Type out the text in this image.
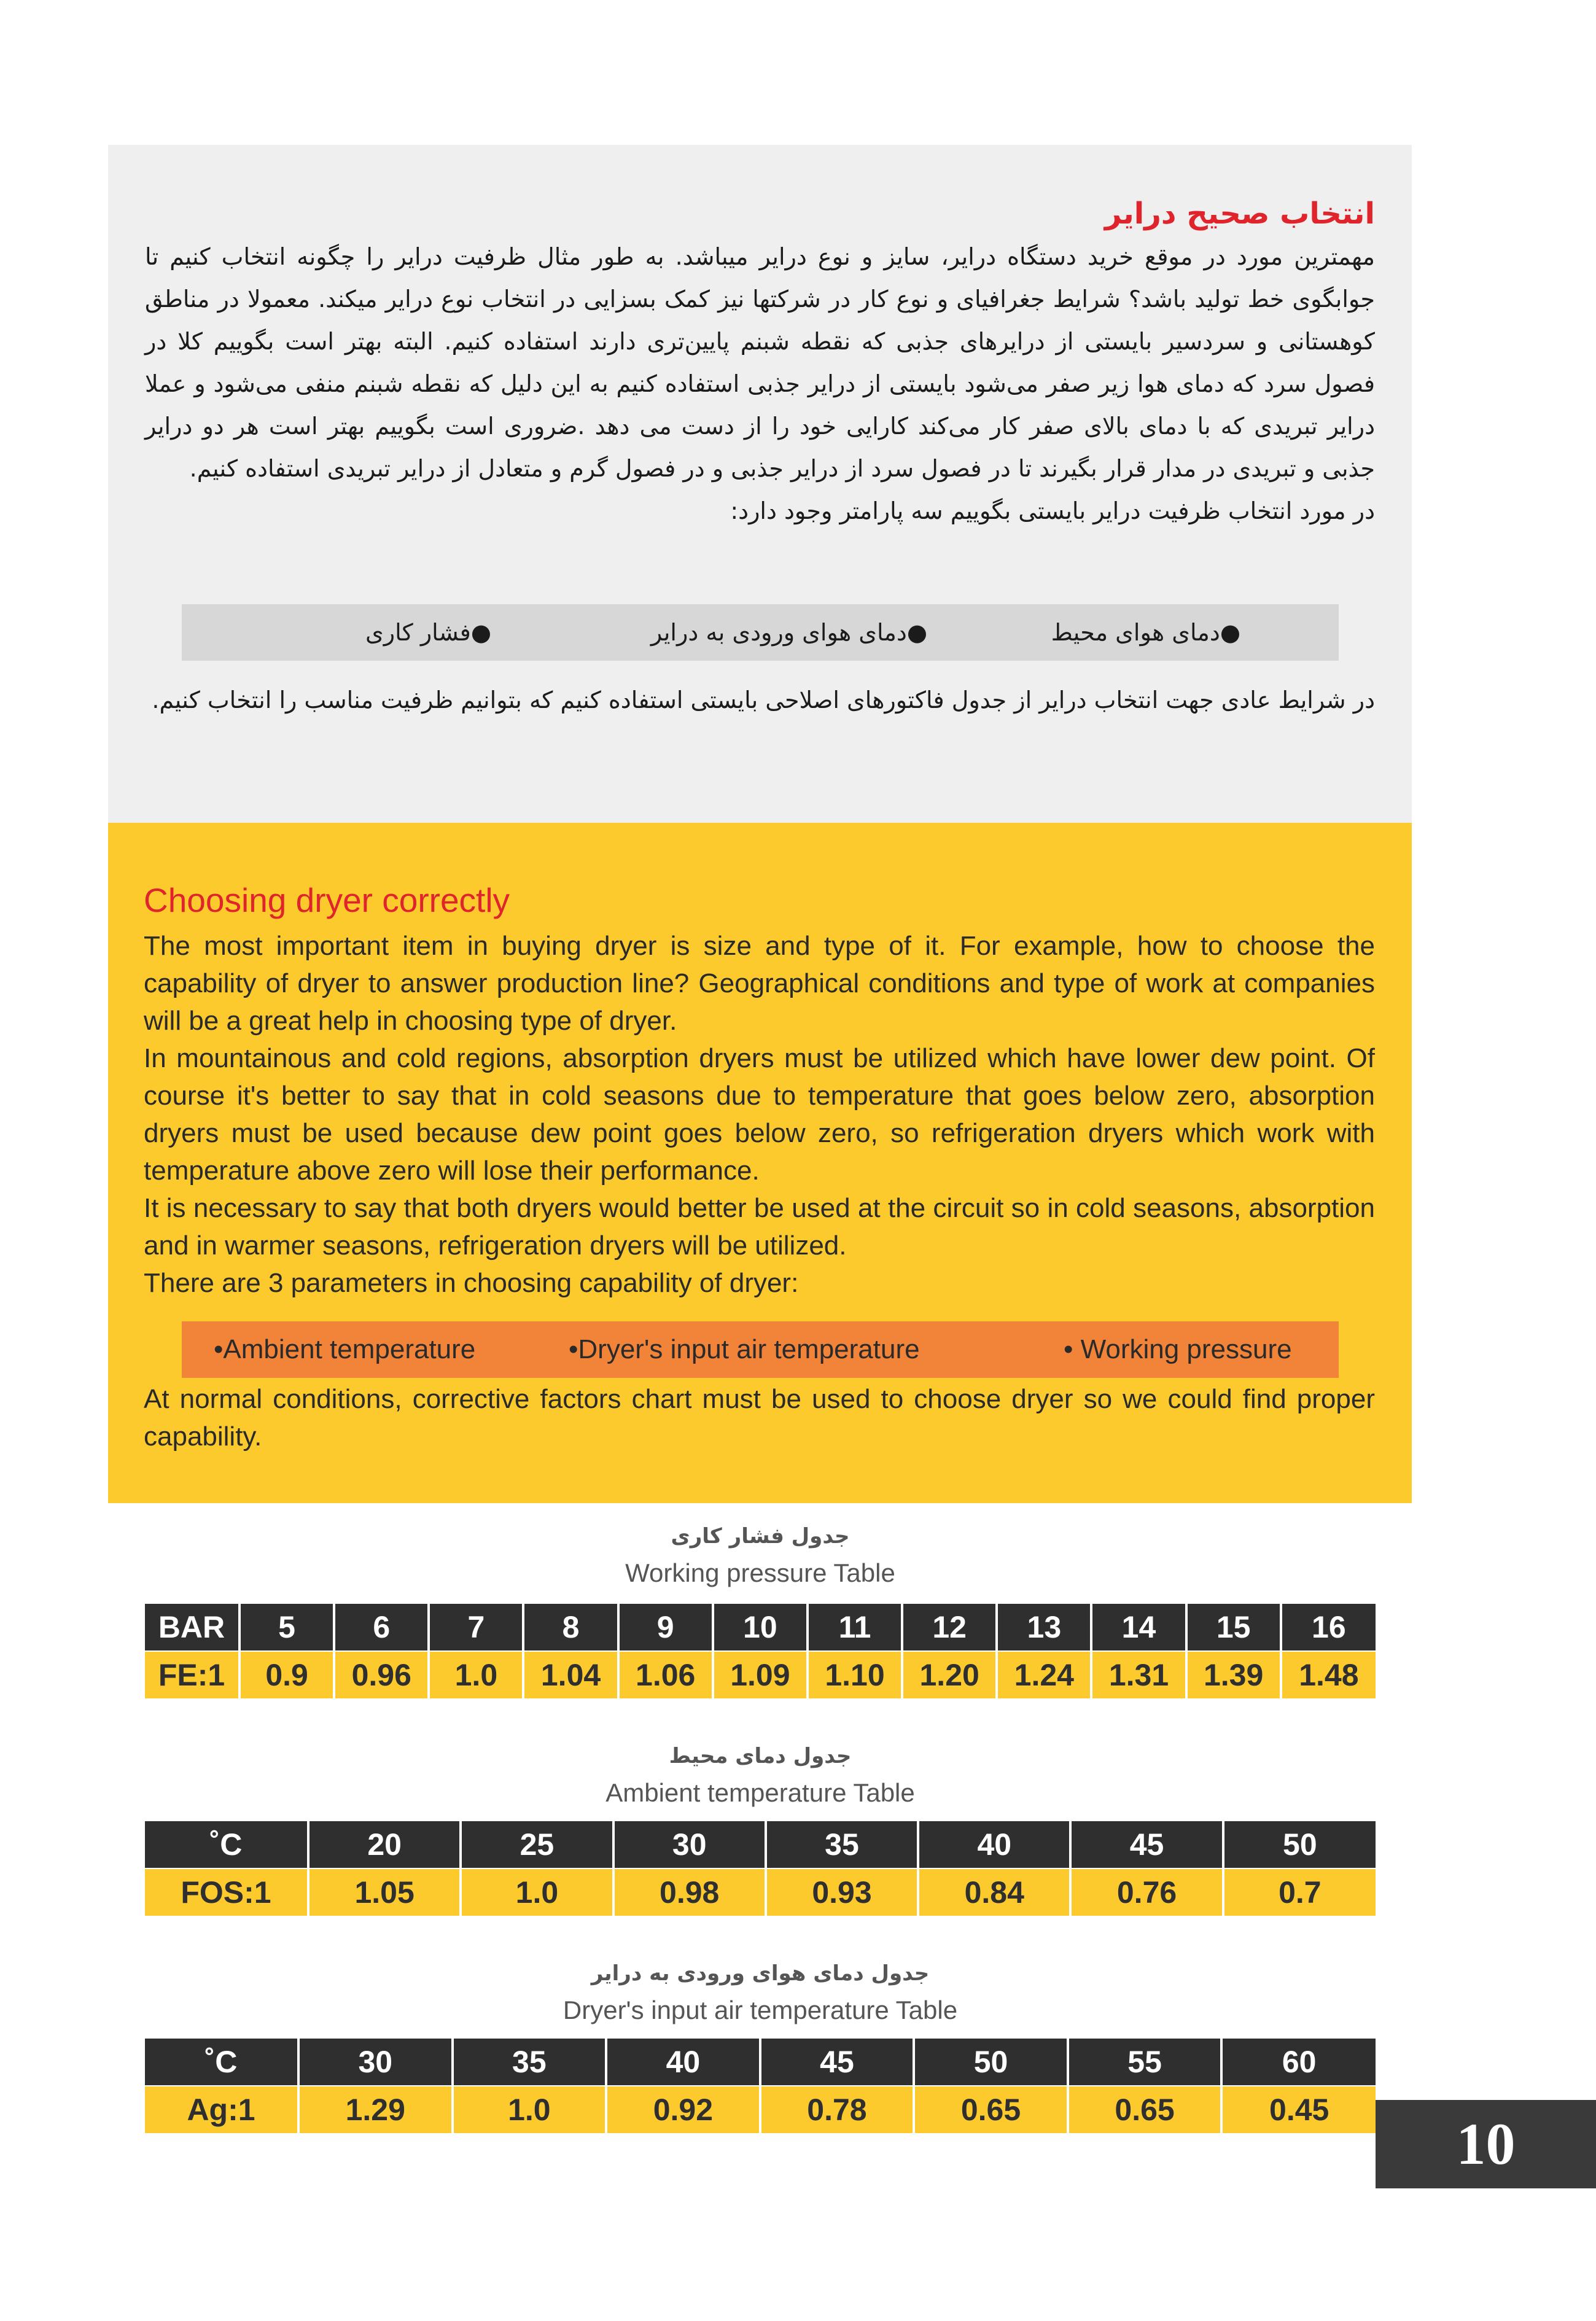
انتخاب صحیح درایر

مهمترین مورد در موقع خرید دستگاه درایر، سایز و نوع درایر میباشد. به طور مثال ظرفیت درایر را چگونه انتخاب کنیم تا جوابگوی خط تولید باشد؟ شرایط جغرافیای و نوع کار در شرکتها نیز کمک بسزایی در انتخاب نوع درایر میکند. معمولا در مناطق کوهستانی و سردسیر بایستی از درایرهای جذبی که نقطه شبنم پایین‌تری دارند استفاده کنیم. البته بهتر است بگوییم کلا در فصول سرد که دمای هوا زیر صفر می‌شود بایستی از درایر جذبی استفاده کنیم به این دلیل که نقطه شبنم منفی می‌شود و عملا درایر تبریدی که با دمای بالای صفر کار می‌کند کارایی خود را از دست می دهد .ضروری است بگوییم بهتر است هر دو درایر جذبی و تبریدی در مدار قرار بگیرند تا در فصول سرد از درایر جذبی و در فصول گرم و متعادل از درایر تبریدی استفاده کنیم.
در مورد انتخاب ظرفیت درایر بایستی بگوییم سه پارامتر وجود دارد:

●
دمای هوای محیط
●
دمای هوای ورودی به درایر
●
فشار کاری

در شرایط عادی جهت انتخاب درایر از جدول فاکتورهای اصلاحی بایستی استفاده کنیم که بتوانیم ظرفیت مناسب را انتخاب کنیم.

Choosing dryer correctly

The most important item in buying dryer is size and type of it. For example, how to choose the capability of dryer to answer production line? Geographical conditions and type of work at companies will be a great help in choosing type of dryer.

In mountainous and cold regions, absorption dryers must be utilized which have lower dew point. Of course it's better to say that in cold seasons due to temperature that goes below zero, absorption dryers must be used because dew point goes below zero, so refrigeration dryers which work with temperature above zero will lose their performance.

It is necessary to say that both dryers would better be used at the circuit so in cold seasons, absorption and in warmer seasons, refrigeration dryers will be utilized.

There are 3 parameters in choosing capability of dryer:

•Ambient temperature	•Dryer's input air temperature	• Working pressure

At normal conditions, corrective factors chart must be used to choose dryer so we could find proper capability.

جدول فشار کاری

Working pressure Table

BAR	5	6	7	8	9	10	11	12	13	14	15	16
FE:1	0.9	0.96	1.0	1.04	1.06	1.09	1.10	1.20	1.24	1.31	1.39	1.48

جدول دمای محیط

Ambient temperature Table

˚C	20	25	30	35	40	45	50
FOS:1	1.05	1.0	0.98	0.93	0.84	0.76	0.7

جدول دمای هوای ورودی به درایر

Dryer's input air temperature Table

˚C	30	35	40	45	50	55	60
Ag:1	1.29	1.0	0.92	0.78	0.65	0.65	0.45
10
